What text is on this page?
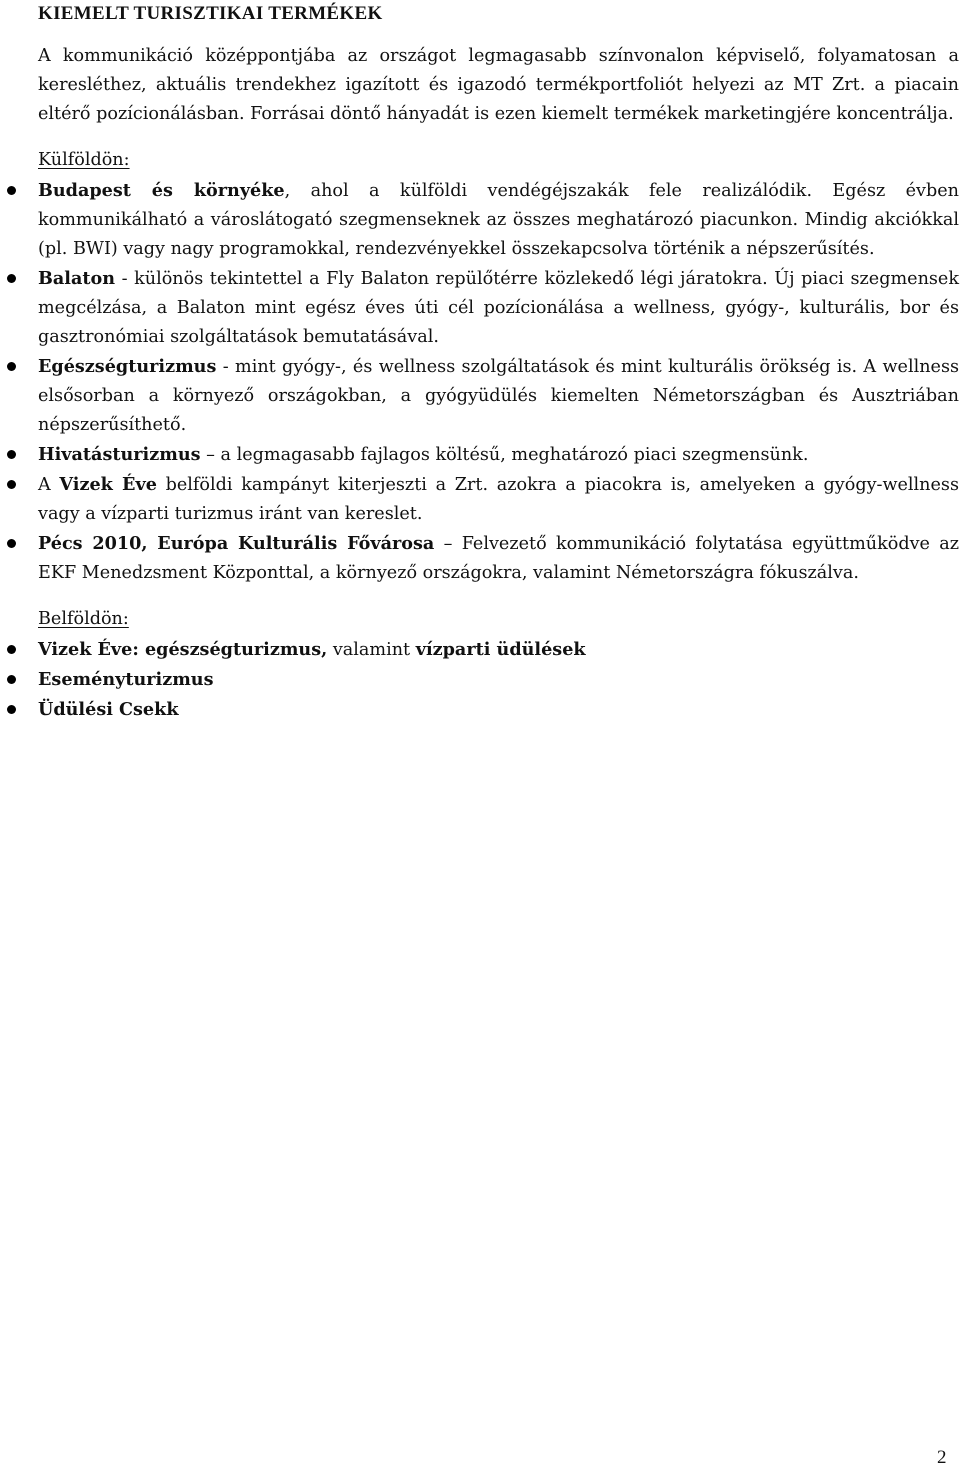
KIEMELT TURISZTIKAI TERMÉKEK

A kommunikáció középpontjába az országot legmagasabb színvonalon képviselő, folyamatosan a keresléthez, aktuális trendekhez igazított és igazodó termékportfoliót helyezi az MT Zrt. a piacain eltérő pozícionálásban. Forrásai döntő hányadát is ezen kiemelt termékek marketingjére koncentrálja.

Külföldön:

Budapest és környéke, ahol a külföldi vendégéjszakák fele realizálódik. Egész évben kommunikálható a városlátogató szegmenseknek az összes meghatározó piacunkon. Mindig akciókkal (pl. BWI) vagy nagy programokkal, rendezvényekkel összekapcsolva történik a népszerűsítés.
Balaton - különös tekintettel a Fly Balaton repülőtérre közlekedő légi járatokra. Új piaci szegmensek megcélzása, a Balaton mint egész éves úti cél pozícionálása a wellness, gyógy-, kulturális, bor és gasztronómiai szolgáltatások bemutatásával.
Egészségturizmus - mint gyógy-, és wellness szolgáltatások és mint kulturális örökség is. A wellness elsősorban a környező országokban, a gyógyüdülés kiemelten Németországban és Ausztriában népszerűsíthető.
Hivatásturizmus – a legmagasabb fajlagos költésű, meghatározó piaci szegmensünk.
A Vizek Éve belföldi kampányt kiterjeszti a Zrt. azokra a piacokra is, amelyeken a gyógy-wellness vagy a vízparti turizmus iránt van kereslet.
Pécs 2010, Európa Kulturális Fővárosa – Felvezető kommunikáció folytatása együttműködve az EKF Menedzsment Központtal, a környező országokra, valamint Németországra fókuszálva.

Belföldön:

Vizek Éve: egészségturizmus, valamint vízparti üdülések
Eseményturizmus
Üdülési Csekk
2
